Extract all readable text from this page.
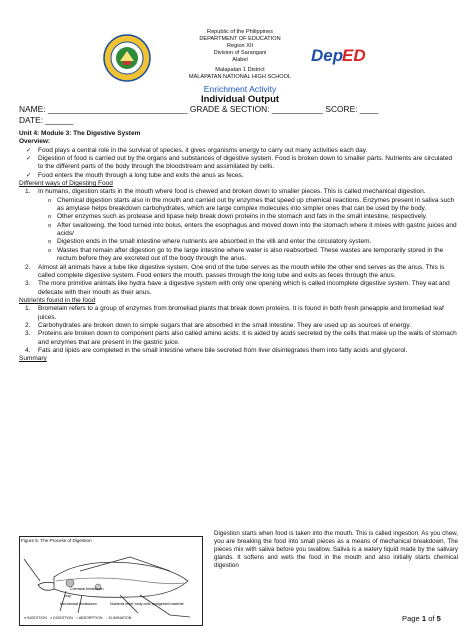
Republic of the Philippines
DEPARTMENT OF EDUCATION
Region XII
Division of Sarangani
Alabel
Malapatan 1 District
MALAPATAN NATIONAL HIGH SCHOOL
Dep
ED
Enrichment Activity
Individual Output
NAME: ______________________________ GRADE & SECTION: ___________ SCORE: ____
DATE: ______

Unit 4: Module 3: The Digestive System

Overview:

✓ Food plays a central role in the survival of species. it gives organisms energy to carry out many activities each day.
✓ Digestion of food is carried out by the organs and substances of digestive system. Food is broken down to smaller parts. Nutrients are circulated to the different parts of the body through the bloodstream and assimilated by cells.
✓ Food enters the mouth through a long tube and exits the anus as feces.

Different ways of Digesting Food

1. In humans, digestion starts in the mouth where food is chewed and broken down to smaller pieces. This is called mechanical digestion.
o Chemical digestion starts also in the mouth and carried out by enzymes that speed up chemical reactions. Enzymes present in saliva such as amylase helps breakdown carbohydrates, which are large complex molecules into simpler ones that can be used by the body.
o Other enzymes such as protease and lipase help break down proteins in the stomach and fats in the small intestine, respectively.
o After swallowing, the food turned into bolus, enters the esophagus and moved down into the stomach where it mixes with gastric juices and acids/
o Digestion ends in the small intestine where nutrients are absorbed in the villi and enter the circulatory system.
o Wastes that remain after digestion go to the large intestine where water is also reabsorbed. These wastes are temporarily stored in the rectum before they are excreted out of the body through the anus.
2. Almost all animals have a tube like digestive system. One end of the tube serves as the mouth while the other end serves as the anus. This is called complete digestive system. Food enters the mouth, passes through the long tube and exits as feces through the anus.
3. The more primitive animals like hydra have a digestive system with only one opening which is called incomplete digestive system. They eat and defecate with their mouth as their anus.

Nutrients found in the food

1. Bromelain refers to a group of enzymes from bromeliad plants that break down proteins. It is found in both fresh pineapple and bromeliad leaf juices.
2. Carbohydrates are broken down to simple sugars that are absorbed in the small intestine. They are used up as sources of energy.
3. Proteins are broken down to component parts also called amino acids. It is aided by acids secreted by the cells that make up the walls of stomach and enzymes that are present in the gastric juice.
4. Fats and lipids are completed in the small intestine where bile secreted from liver disintegrates them into fatty acids and glycerol.

Summary

crop
Mechanical breakdown
Chemical breakdown
Nutrients enter body cells undigested material
Figure 5. The Process of Digestion
● INGESTION ● DIGESTION ● ABSORPTION ● ELIMINATION
Digestion starts when food is taken into the mouth. This is called ingestion. As you chew, you are breaking the food into small pieces as a means of mechanical breakdown. The pieces mix with saliva before you swallow. Saliva is a watery liquid made by the salivary glands. It softens and wets the food in the mouth and also initially starts chemical digestion
Page 1 of 5
